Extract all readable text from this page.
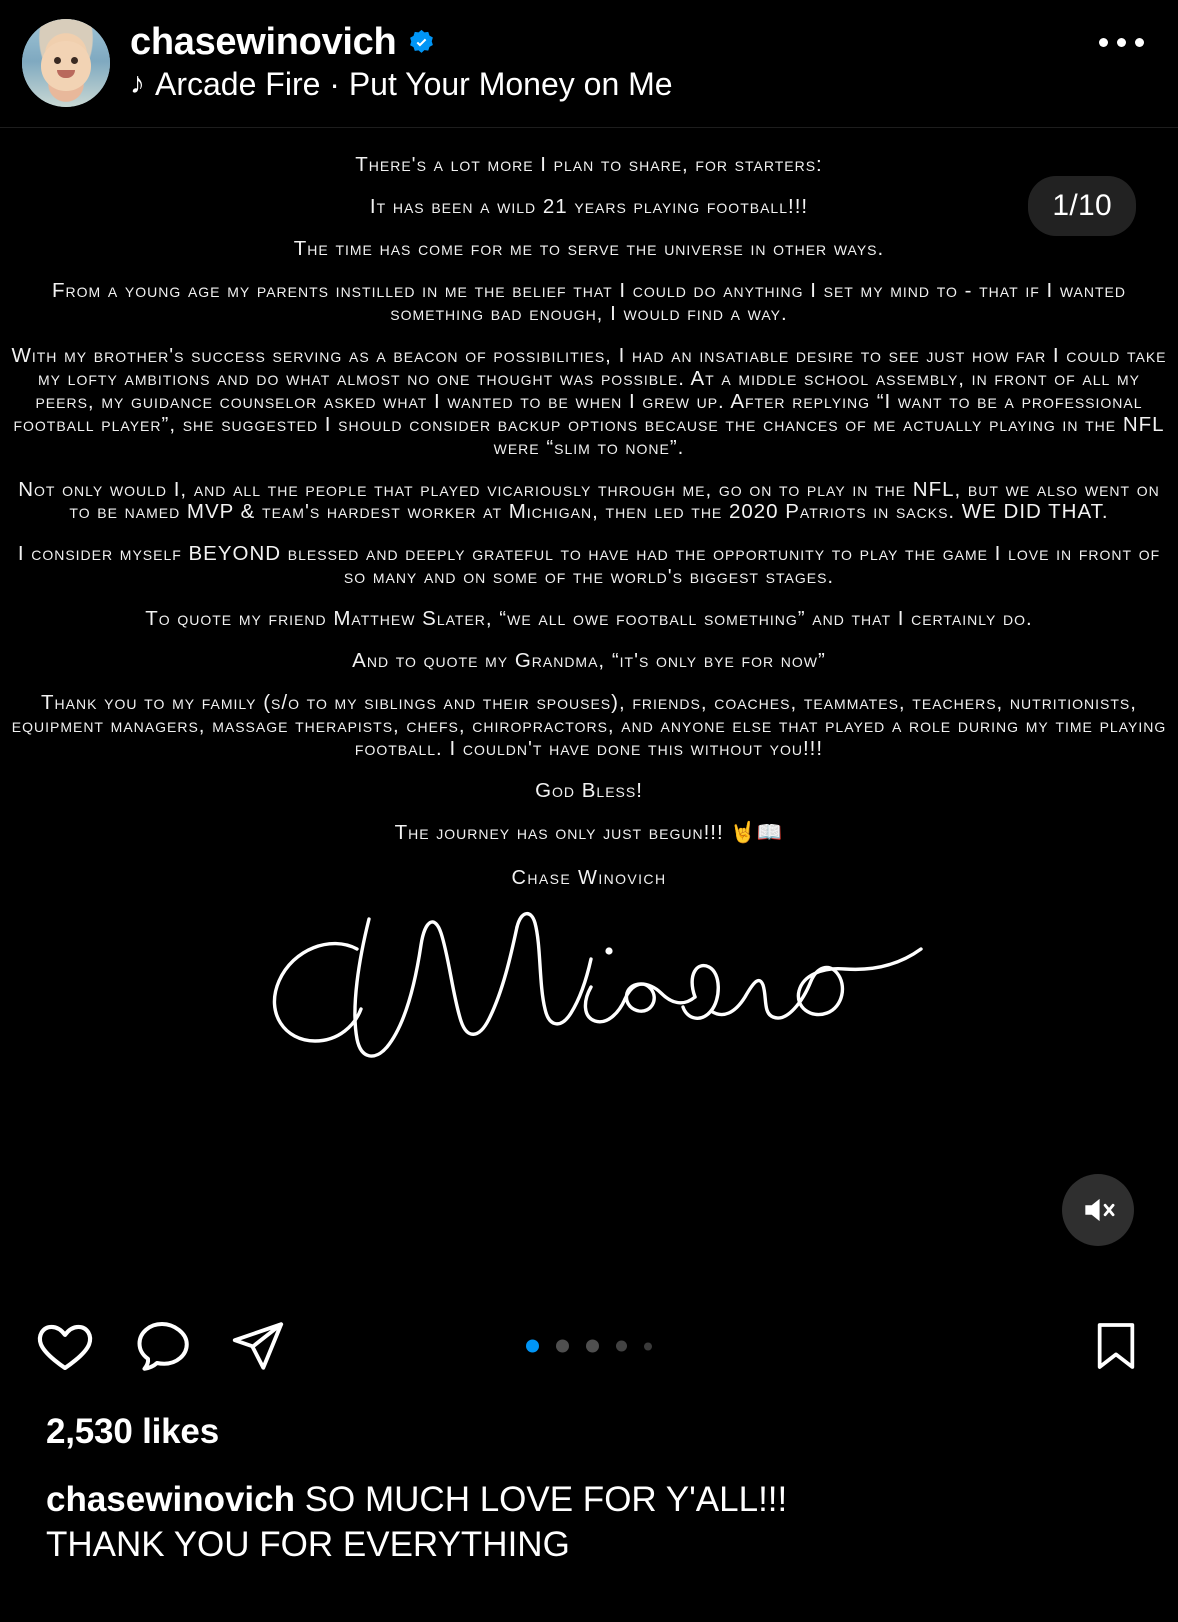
chasewinovich
♪ Arcade Fire · Put Your Money on Me

There's a lot more I plan to share, for starters:

It has been a wild 21 years playing football!!!

The time has come for me to serve the universe in other ways.

From a young age my parents instilled in me the belief that I could do anything I set my mind to - that if I wanted something bad enough, I would find a way.

With my brother's success serving as a beacon of possibilities, I had an insatiable desire to see just how far I could take my lofty ambitions and do what almost no one thought was possible. At a middle school assembly, in front of all my peers, my guidance counselor asked what I wanted to be when I grew up. After replying “I want to be a professional football player”, she suggested I should consider backup options because the chances of me actually playing in the NFL were “slim to none”.

Not only would I, and all the people that played vicariously through me, go on to play in the NFL, but we also went on to be named MVP & team's hardest worker at Michigan, then led the 2020 Patriots in sacks. WE DID THAT.

I consider myself BEYOND blessed and deeply grateful to have had the opportunity to play the game I love in front of so many and on some of the world's biggest stages.

To quote my friend Matthew Slater, “we all owe football something” and that I certainly do.

And to quote my Grandma, “it's only bye for now”

Thank you to my family (s/o to my siblings and their spouses), friends, coaches, teammates, teachers, nutritionists, equipment managers, massage therapists, chefs, chiropractors, and anyone else that played a role during my time playing football. I couldn't have done this without you!!!

God Bless!

The journey has only just begun!!! 🤘📖

Chase Winovich
1/10
2,530 likes
chasewinovich SO MUCH LOVE FOR Y'ALL!!!
THANK YOU FOR EVERYTHING
